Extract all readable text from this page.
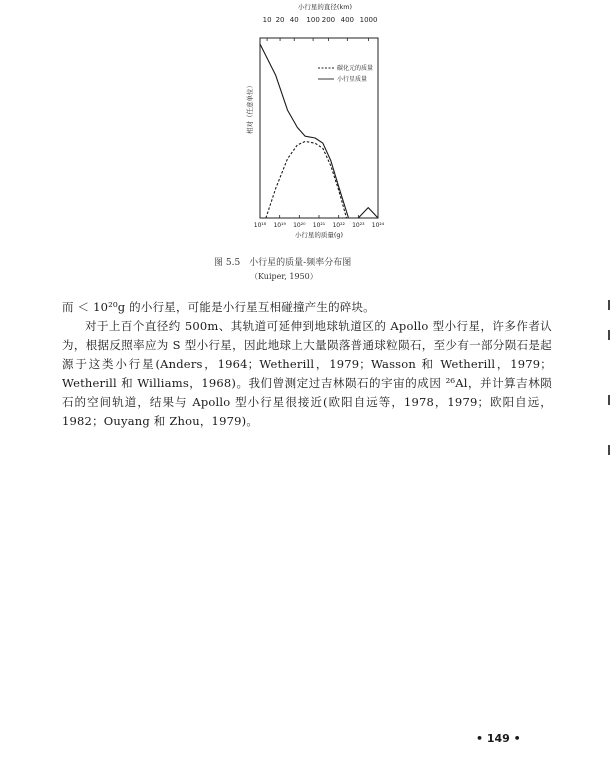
小行星的直径(km)
10 20 40 100 200 400 1000
10¹⁸ 10¹⁹ 10²⁰ 10²¹ 10²² 10²³ 10²⁴
小行星的质量(g)
相对（任意单位）
碳化元的质量
小行星质量
图 5.5　小行星的质量-频率分布图
（Kuiper, 1950）

而 ＜ 10²⁰g 的小行星，可能是小行星互相碰撞产生的碎块。

对于上百个直径约 500m、其轨道可延伸到地球轨道区的 Apollo 型小行星，许多作者认为，根据反照率应为 S 型小行星，因此地球上大量陨落普通球粒陨石，至少有一部分陨石是起源于这类小行星(Anders，1964；Wetherill，1979；Wasson 和 Wetherill，1979；Wetherill 和 Williams，1968)。我们曾测定过吉林陨石的宇宙的成因 ²⁶Al，并计算吉林陨石的空间轨道，结果与 Apollo 型小行星很接近(欧阳自远等，1978，1979；欧阳自远，1982；Ouyang 和 Zhou，1979)。

• 149 •
